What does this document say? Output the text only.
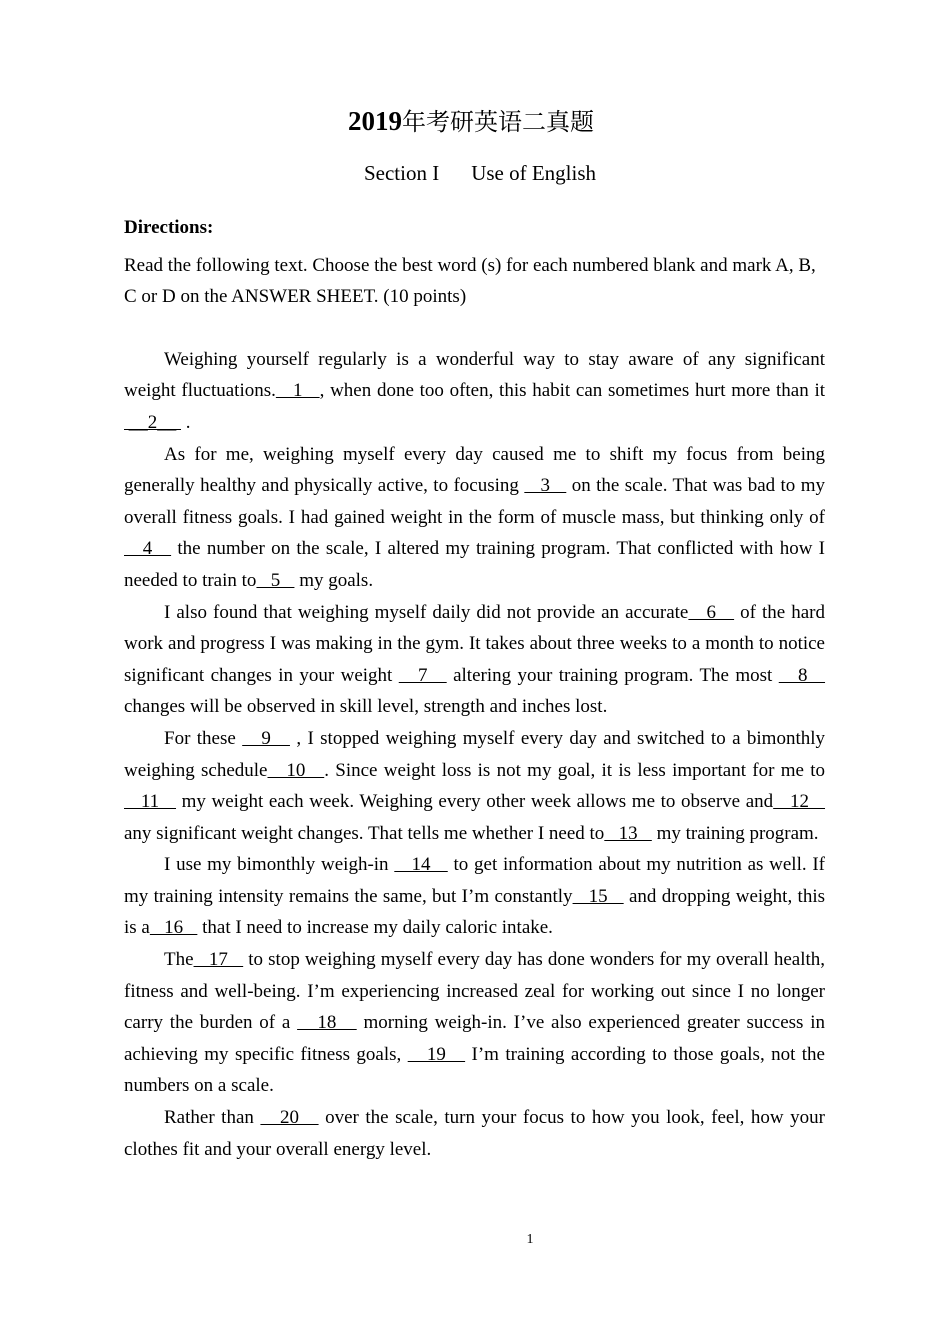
2019年考研英语二真题
Section I Use of English

Directions:

Read the following text. Choose the best word (s) for each numbered blank and mark A, B, C or D on the ANSWER SHEET. (10 points)

Weighing yourself regularly is a wonderful way to stay aware of any significant weight fluctuations.   1   , when done too often, this habit can sometimes hurt more than it  __2__  .

As for me, weighing myself every day caused me to shift my focus from being generally healthy and physically active, to focusing    3    on the scale. That was bad to my overall fitness goals. I had gained weight in the form of muscle mass, but thinking only of   4    the number on the scale, I altered my training program. That conflicted with how I needed to train to   5    my goals.

I also found that weighing myself daily did not provide an accurate   6    of the hard work and progress I was making in the gym. It takes about three weeks to a month to notice significant changes in your weight    7    altering your training program. The most    8    changes will be observed in skill level, strength and inches lost.

For these    9    , I stopped weighing myself every day and switched to a bimonthly weighing schedule   10   . Since weight loss is not my goal, it is less important for me to   11    my weight each week. Weighing every other week allows me to observe and   12    any significant weight changes. That tells me whether I need to   13    my training program.

I use my bimonthly weigh-in    14    to get information about my nutrition as well. If my training intensity remains the same, but I’m constantly   15    and dropping weight, this is a   16    that I need to increase my daily caloric intake.

The   17    to stop weighing myself every day has done wonders for my overall health, fitness and well-being. I’m experiencing increased zeal for working out since I no longer carry the burden of a    18    morning weigh-in. I’ve also experienced greater success in achieving my specific fitness goals,    19    I’m training according to those goals, not the numbers on a scale.

Rather than    20    over the scale, turn your focus to how you look, feel, how your clothes fit and your overall energy level.

1
